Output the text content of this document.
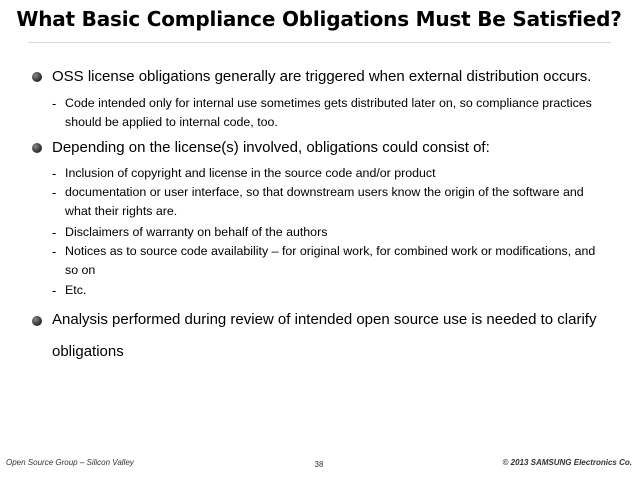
What Basic Compliance Obligations Must Be Satisfied?
OSS license obligations generally are triggered when external distribution occurs.
- Code intended only for internal use sometimes gets distributed later on, so compliance practices should be applied to internal code, too.
Depending on the license(s) involved, obligations could consist of:
- Inclusion of copyright and license in the source code and/or product
- documentation or user interface, so that downstream users know the origin of the software and what their rights are.
- Disclaimers of warranty on behalf of the authors
- Notices as to source code availability – for original work, for combined work or modifications, and so on
- Etc.
Analysis performed during review of intended open source use is needed to clarify obligations
Open Source Group – Silicon Valley	38	© 2013 SAMSUNG Electronics Co.
